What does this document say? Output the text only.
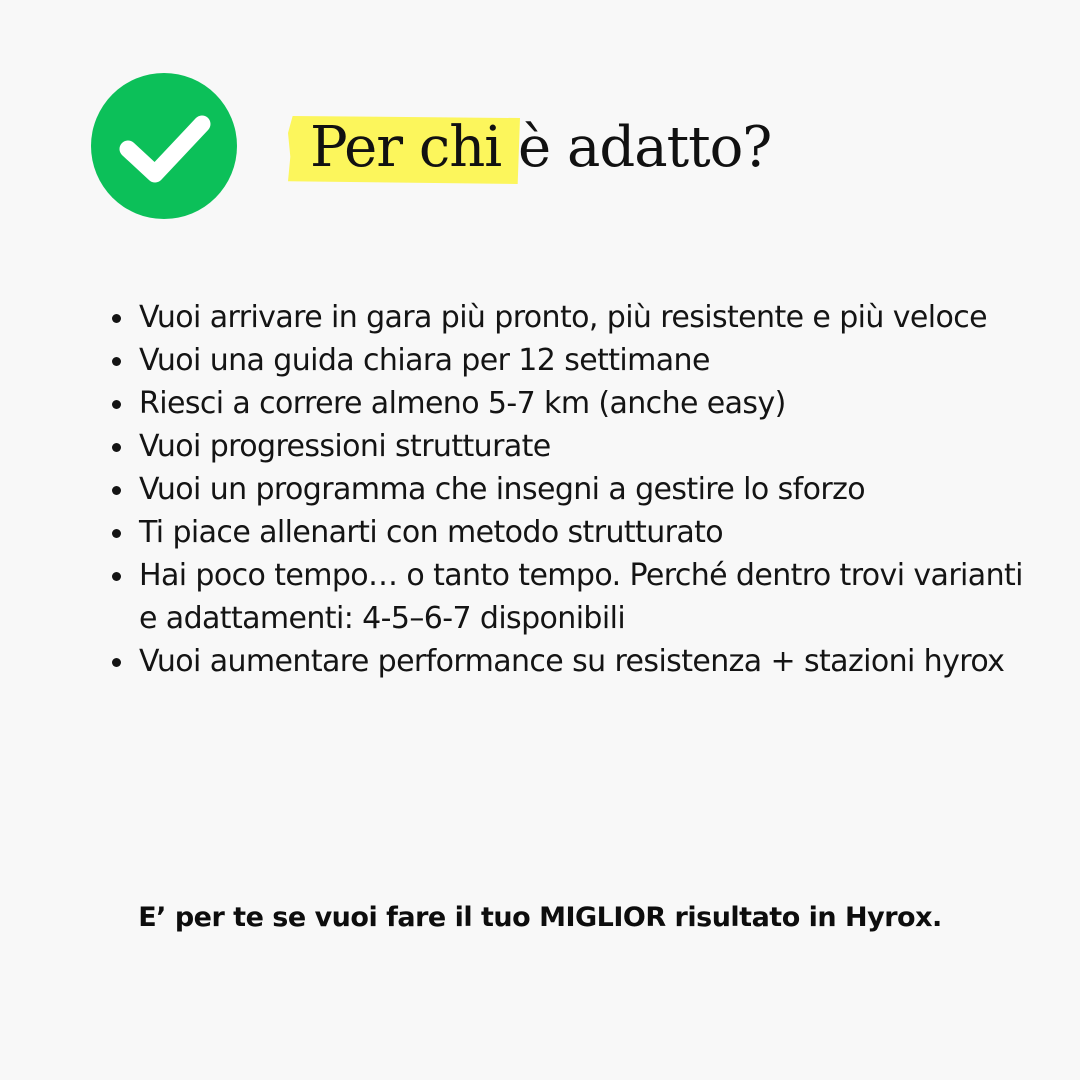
Per chi è adatto?
Vuoi arrivare in gara più pronto, più resistente e più veloce
Vuoi una guida chiara per 12 settimane
Riesci a correre almeno 5-7 km (anche easy)
Vuoi progressioni strutturate
Vuoi un programma che insegni a gestire lo sforzo
Ti piace allenarti con metodo strutturato
Hai poco tempo… o tanto tempo. Perché dentro trovi varianti e adattamenti: 4-5–6-7 disponibili
Vuoi aumentare performance su resistenza + stazioni hyrox
E’ per te se vuoi fare il tuo MIGLIOR risultato in Hyrox.
